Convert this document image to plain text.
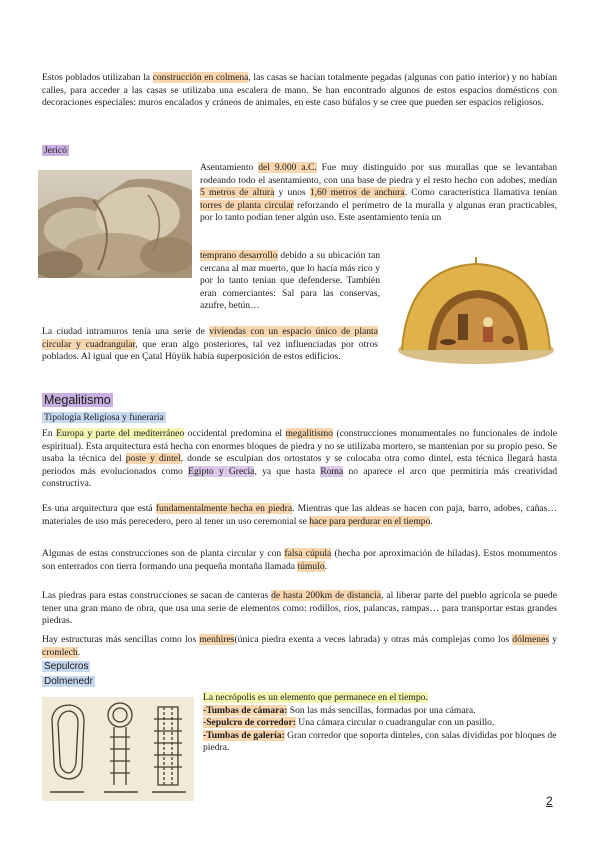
Estos poblados utilizaban la construcción en colmena, las casas se hacían totalmente pegadas (algunas con patio interior) y no habían calles, para acceder a las casas se utilizaba una escalera de mano. Se han encontrado algunos de estos espacios domésticos con decoraciones especiales: muros encalados y cráneos de animales, en este caso búfalos y se cree que pueden ser espacios religiosos.

Jericó

Asentamiento del 9.000 a.C. Fue muy distinguido por sus murallas que se levantaban rodeando todo el asentamiento, con una base de piedra y el resto hecho con adobes, medían 5 metros de altura y unos 1,60 metros de anchura. Como característica llamativa tenían torres de planta circular reforzando el perímetro de la muralla y algunas eran practicables, por lo tanto podían tener algún uso. Este asentamiento tenía un

temprano desarrollo debido a su ubicación tan cercana al mar muerto, que lo hacía más rico y por lo tanto tenían que defenderse. También eran comerciantes: Sal para las conservas, azufre, betún…

La ciudad intramuros tenía una serie de viviendas con un espacio único de planta circular y cuadrangular, que eran algo posteriores, tal vez influenciadas por otros poblados. Al igual que en Çatal Hüyük había superposición de estos edificios.

Megalitismo
Tipología Religiosa y funeraria

En Europa y parte del mediterráneo occidental predomina el megalitismo (construcciones monumentales no funcionales de índole espiritual). Esta arquitectura está hecha con enormes bloques de piedra y no se utilizaba mortero, se mantenían por su propio peso. Se usaba la técnica del poste y dintel, donde se esculpían dos ortostatos y se colocaba otra como dintel, esta técnica llegará hasta periodos más evolucionados como Egipto y Grecia, ya que hasta Roma no aparece el arco que permitiría más creatividad constructiva.

Es una arquitectura que está fundamentalmente hecha en piedra. Mientras que las aldeas se hacen con paja, barro, adobes, cañas… materiales de uso más perecedero, pero al tener un uso ceremonial se hace para perdurar en el tiempo.

Algunas de estas construcciones son de planta circular y con falsa cúpula (hecha por aproximación de hiladas). Estos monumentos son enterrados con tierra formando una pequeña montaña llamada túmulo.

Las piedras para estas construcciones se sacan de canteras de hasta 200km de distancia, al liberar parte del pueblo agrícola se puede tener una gran mano de obra, que usa una serie de elementos como: rodillos, ríos, palancas, rampas… para transportar estas grandes piedras.

Hay estructuras más sencillas como los menhires(única piedra exenta a veces labrada) y otras más complejas como los dólmenes y cromlech.

Sepulcros
Dolmenedr

La necrópolis es un elemento que permanece en el tiempo.

-Tumbas de cámara: Son las más sencillas, formadas por una cámara.

-Sepulcro de corredor: Una cámara circular o cuadrangular con un pasillo.

-Tumbas de galería: Gran corredor que soporta dinteles, con salas divididas por bloques de piedra.

2
